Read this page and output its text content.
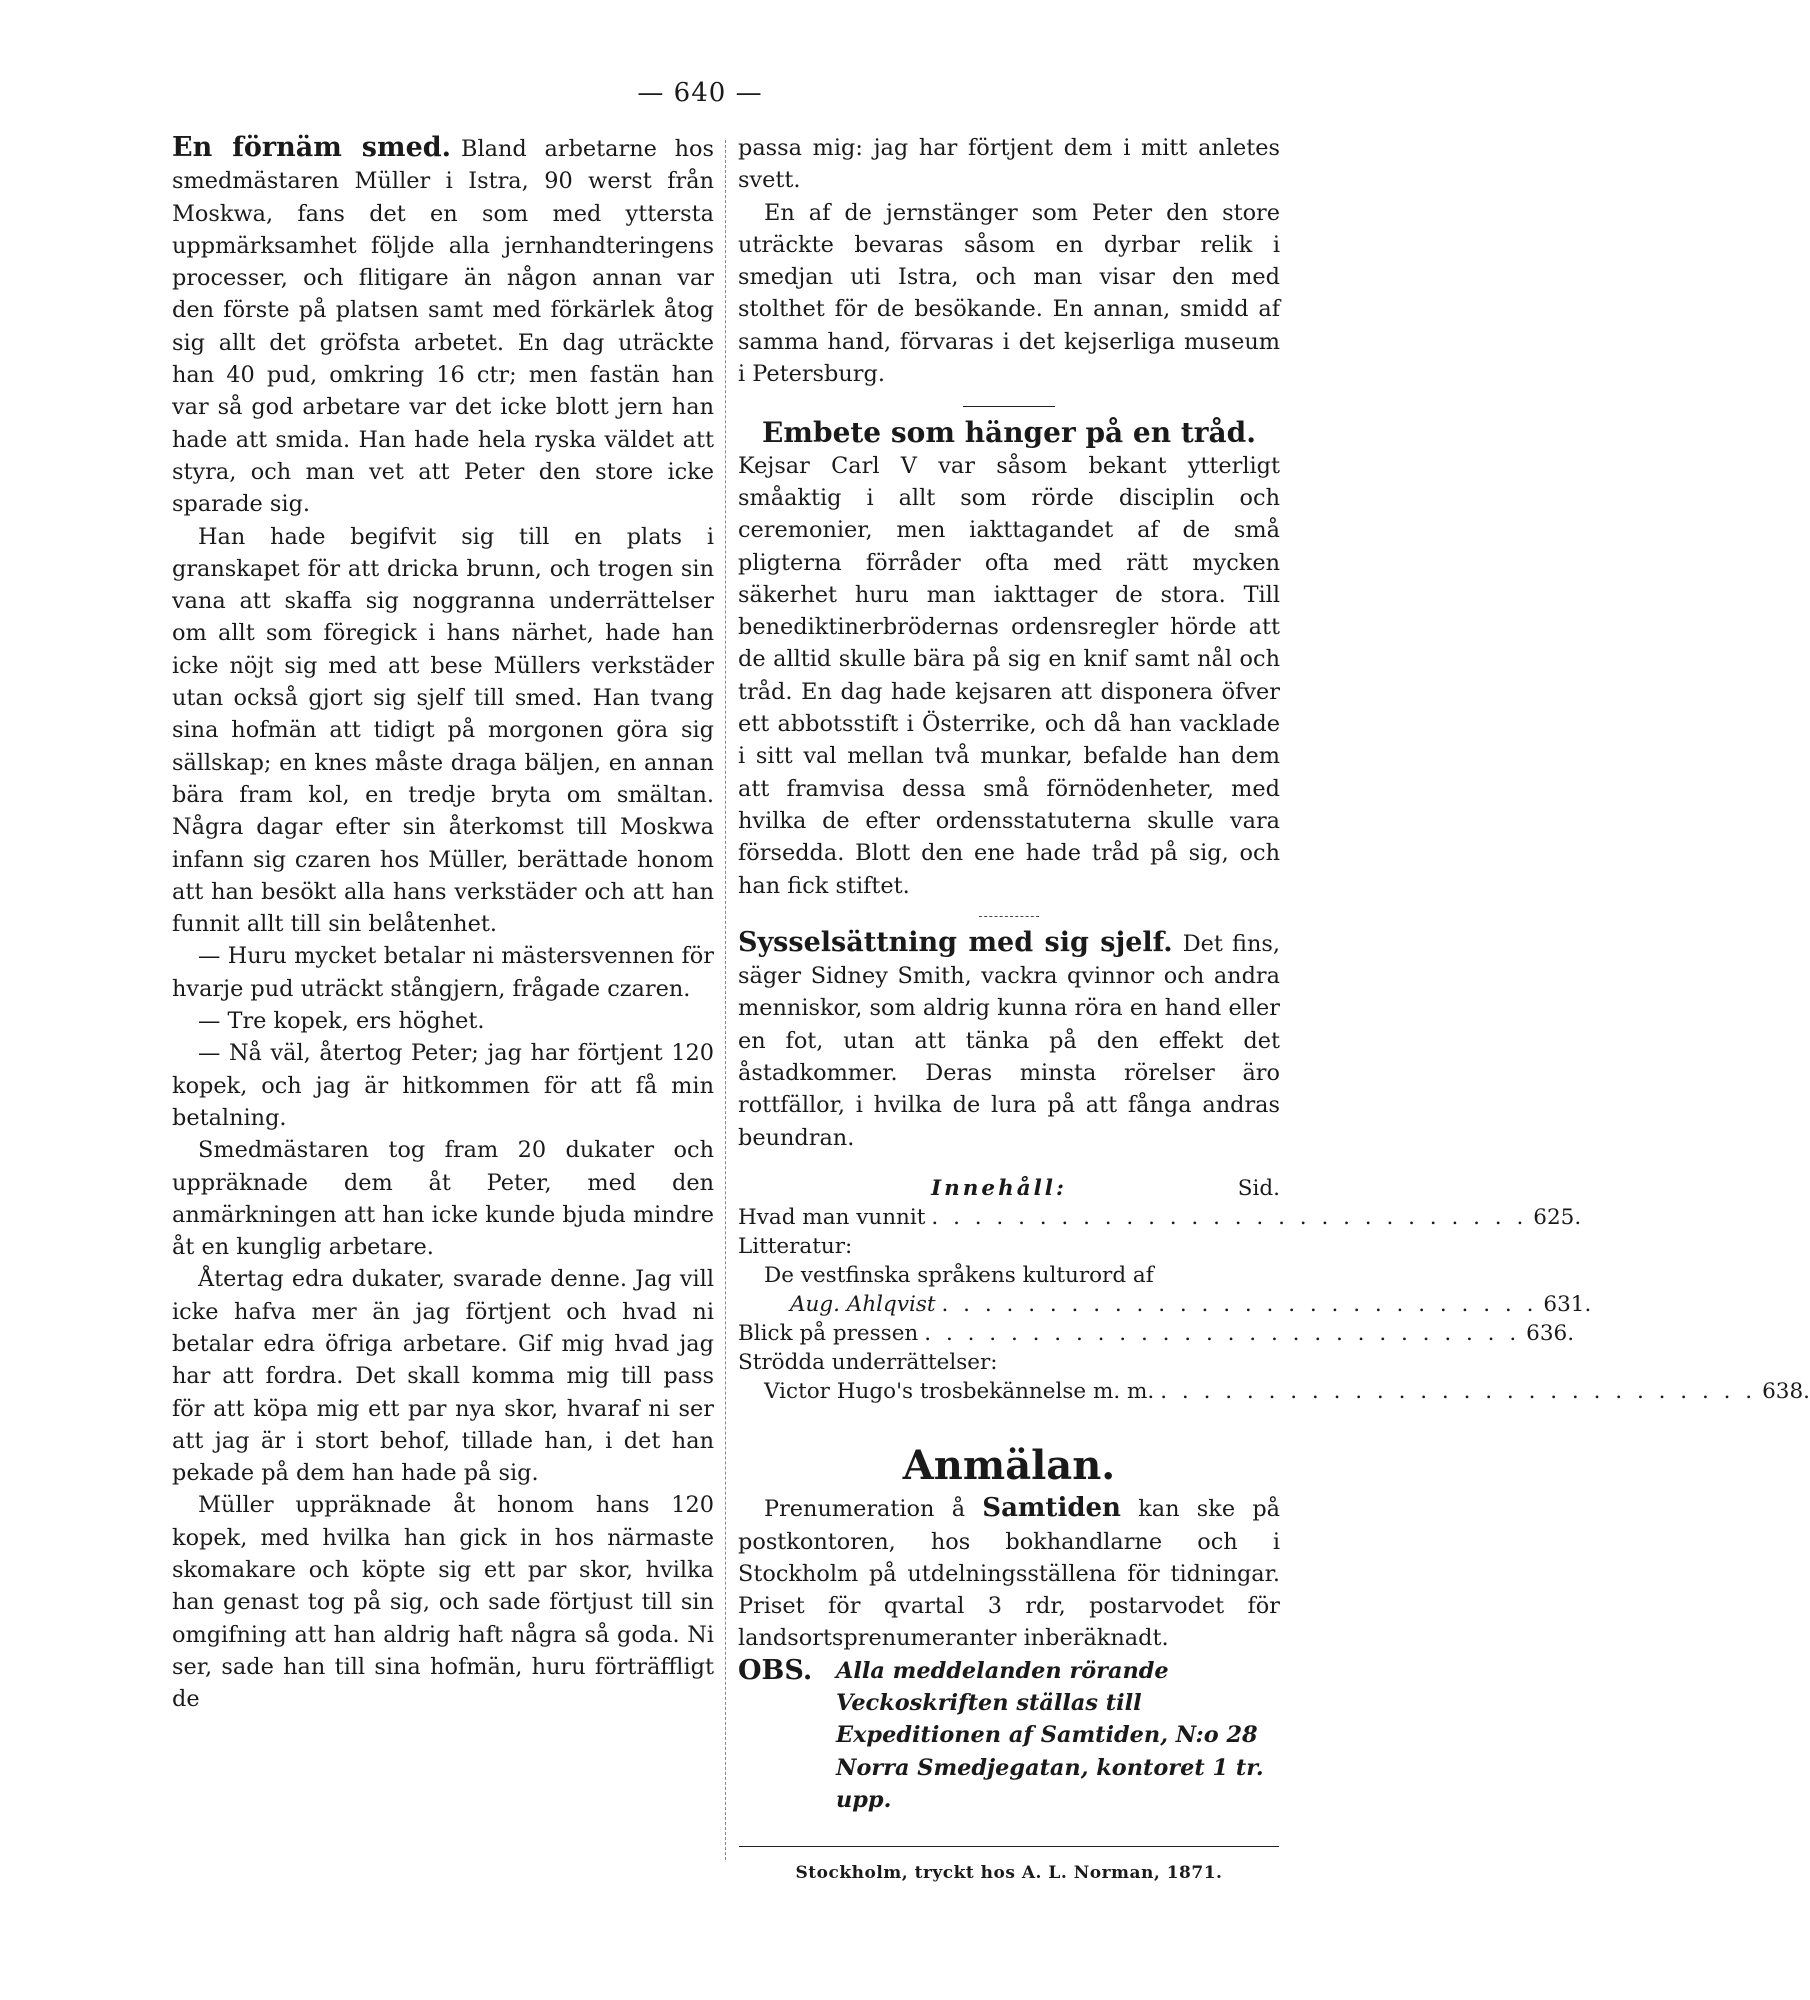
— 640 —

En förnäm smed. Bland arbetarne hos smedmästaren Müller i Istra, 90 werst från Moskwa, fans det en som med yttersta uppmärksamhet följde alla jernhandteringens processer, och flitigare än någon annan var den förste på platsen samt med förkärlek åtog sig allt det gröfsta arbetet. En dag uträckte han 40 pud, omkring 16 ctr; men fastän han var så god arbetare var det icke blott jern han hade att smida. Han hade hela ryska väldet att styra, och man vet att Peter den store icke sparade sig.

Han hade begifvit sig till en plats i granskapet för att dricka brunn, och trogen sin vana att skaffa sig noggranna underrättelser om allt som föregick i hans närhet, hade han icke nöjt sig med att bese Müllers verkstäder utan också gjort sig sjelf till smed. Han tvang sina hofmän att tidigt på morgonen göra sig sällskap; en knes måste draga bäljen, en annan bära fram kol, en tredje bryta om smältan. Några dagar efter sin återkomst till Moskwa infann sig czaren hos Müller, berättade honom att han besökt alla hans verkstäder och att han funnit allt till sin belåtenhet.

— Huru mycket betalar ni mästersvennen för hvarje pud uträckt stångjern, frågade czaren.

— Tre kopek, ers höghet.

— Nå väl, återtog Peter; jag har förtjent 120 kopek, och jag är hitkommen för att få min betalning.

Smedmästaren tog fram 20 dukater och uppräknade dem åt Peter, med den anmärkningen att han icke kunde bjuda mindre åt en kunglig arbetare.

Återtag edra dukater, svarade denne. Jag vill icke hafva mer än jag förtjent och hvad ni betalar edra öfriga arbetare. Gif mig hvad jag har att fordra. Det skall komma mig till pass för att köpa mig ett par nya skor, hvaraf ni ser att jag är i stort behof, tillade han, i det han pekade på dem han hade på sig.

Müller uppräknade åt honom hans 120 kopek, med hvilka han gick in hos närmaste skomakare och köpte sig ett par skor, hvilka han genast tog på sig, och sade förtjust till sin omgifning att han aldrig haft några så goda. Ni ser, sade han till sina hofmän, huru förträffligt de

passa mig: jag har förtjent dem i mitt anletes svett.

En af de jernstänger som Peter den store uträckte bevaras såsom en dyrbar relik i smedjan uti Istra, och man visar den med stolthet för de besökande. En annan, smidd af samma hand, förvaras i det kejserliga museum i Petersburg.

Embete som hänger på en tråd.

Kejsar Carl V var såsom bekant ytterligt småaktig i allt som rörde disciplin och ceremonier, men iakttagandet af de små pligterna förråder ofta med rätt mycken säkerhet huru man iakttager de stora. Till benediktinerbrödernas ordensregler hörde att de alltid skulle bära på sig en knif samt nål och tråd. En dag hade kejsaren att disponera öfver ett abbotsstift i Österrike, och då han vacklade i sitt val mellan två munkar, befalde han dem att framvisa dessa små förnödenheter, med hvilka de efter ordensstatuterna skulle vara försedda. Blott den ene hade tråd på sig, och han fick stiftet.

Sysselsättning med sig sjelf. Det fins, säger Sidney Smith, vackra qvinnor och andra menniskor, som aldrig kunna röra en hand eller en fot, utan att tänka på den effekt det åstadkommer. Deras minsta rörelser äro rottfällor, i hvilka de lura på att fånga andras beundran.

Innehåll:	Sid.
Hvad man vunnit . . . . . . . . . . . . . . . . . . . . . . . . . . . . 625.
Litteratur:
De vestfinska språkens kulturord af
Aug. Ahlqvist . . . . . . . . . . . . . . . . . . . . . . . . . . . . 631.
Blick på pressen . . . . . . . . . . . . . . . . . . . . . . . . . . . . 636.
Strödda underrättelser:
Victor Hugo's trosbekännelse m. m. . . . . . . . . . . . . . . . . . . . . . . . . . . . . 638.

Anmälan.

Prenumeration å Samtiden kan ske på postkontoren, hos bokhandlarne och i Stockholm på utdelningsställena för tidningar. Priset för qvartal 3 rdr, postarvodet för landsortsprenumeranter inberäknadt.

OBS.	Alla meddelanden rörande Veckoskriften ställas till Expeditionen af Samtiden, N:o 28 Norra Smedjegatan, kontoret 1 tr. upp.

Stockholm, tryckt hos A. L. Norman, 1871.
